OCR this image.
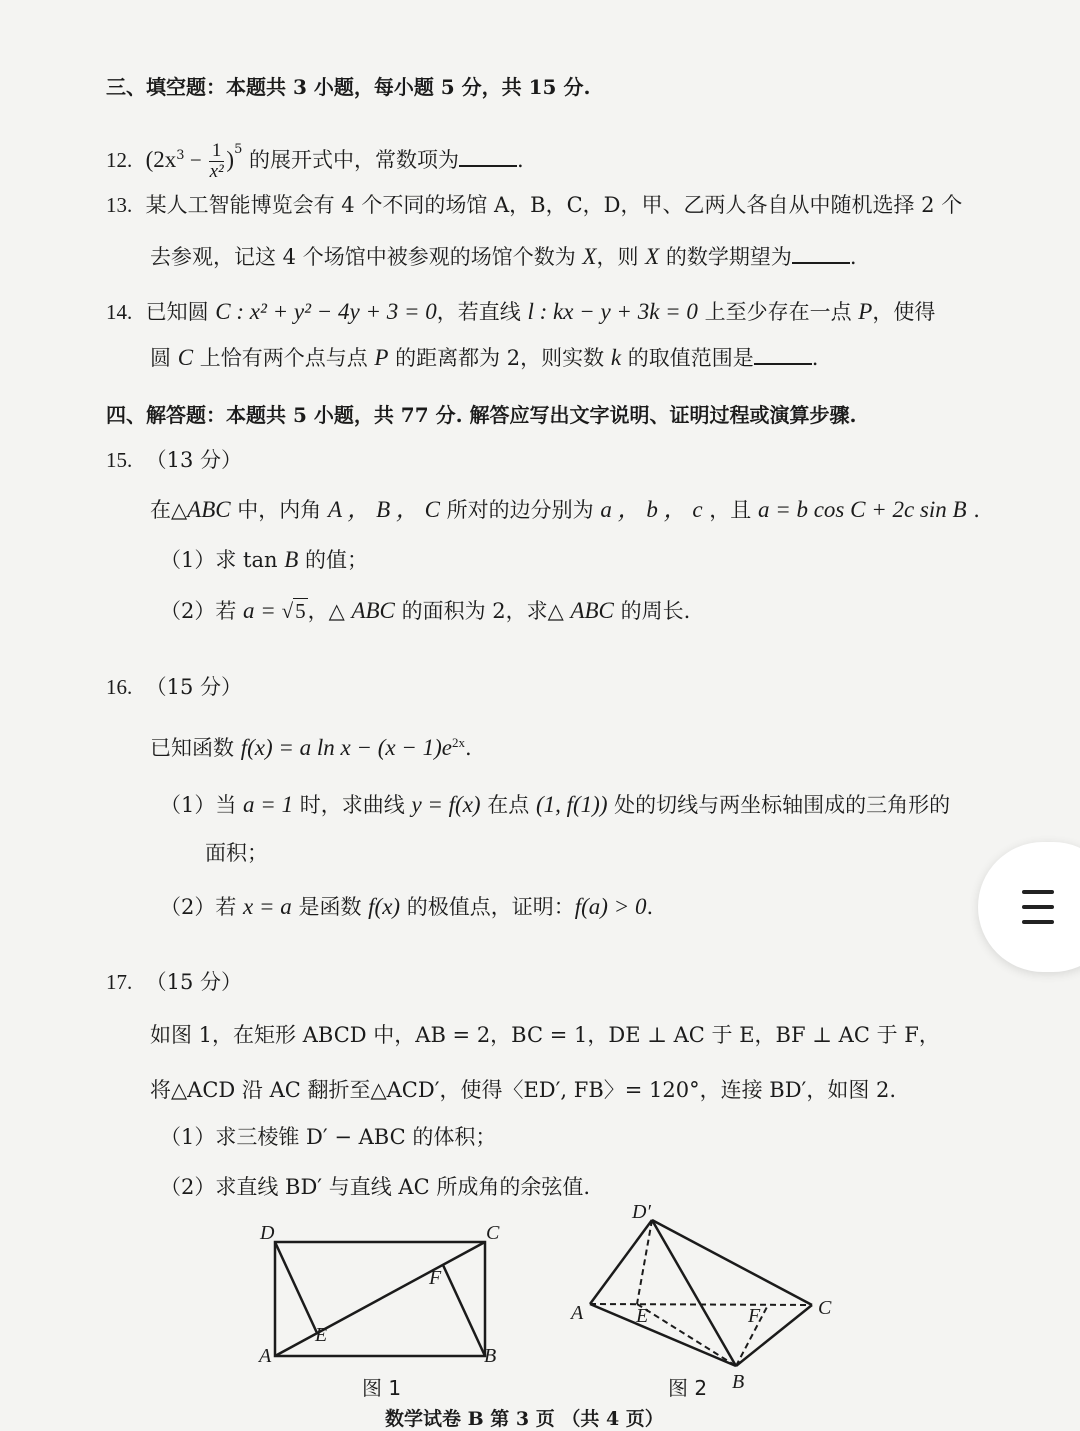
三、填空题：本题共 3 小题，每小题 5 分，共 15 分.
12. $(2x^3 - \frac{1}{\text{x²}} )^5$ 的展开式中，常数项为	.
13. 某人工智能博览会有 4 个不同的场馆 A，B，C，D，甲、乙两人各自从中随机选择 2 个
去参观，记这 4 个场馆中被参观的场馆个数为 X，则 X 的数学期望为	.
14. 已知圆 C : x² + y² − 4y + 3 = 0，若直线 l : kx − y + 3k = 0 上至少存在一点 P，使得
圆 C 上恰有两个点与点 P 的距离都为 2，则实数 k 的取值范围是	.
四、解答题：本题共 5 小题，共 77 分. 解答应写出文字说明、证明过程或演算步骤.
15. （13 分）
在△ABC 中，内角 A ， B ， C 所对的边分别为 a ， b ， c ，且 a = b cos C + 2c sin B .
（1）求 tan B 的值；
（2）若 a = √5，△ ABC 的面积为 2，求△ ABC 的周长.
16. （15 分）
已知函数 f(x) = a $\ln x - (x - 1)e^{2x}$.
（1）当 a = 1 时，求曲线 y = f(x) 在点 (1, f(1)) 处的切线与两坐标轴围成的三角形的
面积；
（2）若 x = a 是函数 f(x) 的极值点，证明：f(a) > 0.
17. （15 分）
如图 1，在矩形 ABCD 中，AB = 2，BC = 1，DE ⊥ AC 于 E，BF ⊥ AC 于 F，
将△ACD 沿 AC 翻折至△ACD′，使得〈ED′, FB〉= 120°，连接 BD′，如图 2.
（1）求三棱锥 D′ − ABC 的体积；
（2）求直线 BD′ 与直线 AC 所成角的余弦值.
D	C
A	B
E
F
图 1
D′
A	C
B
E	F
图 2
数学试卷 B 第 3 页 （共 4 页）
